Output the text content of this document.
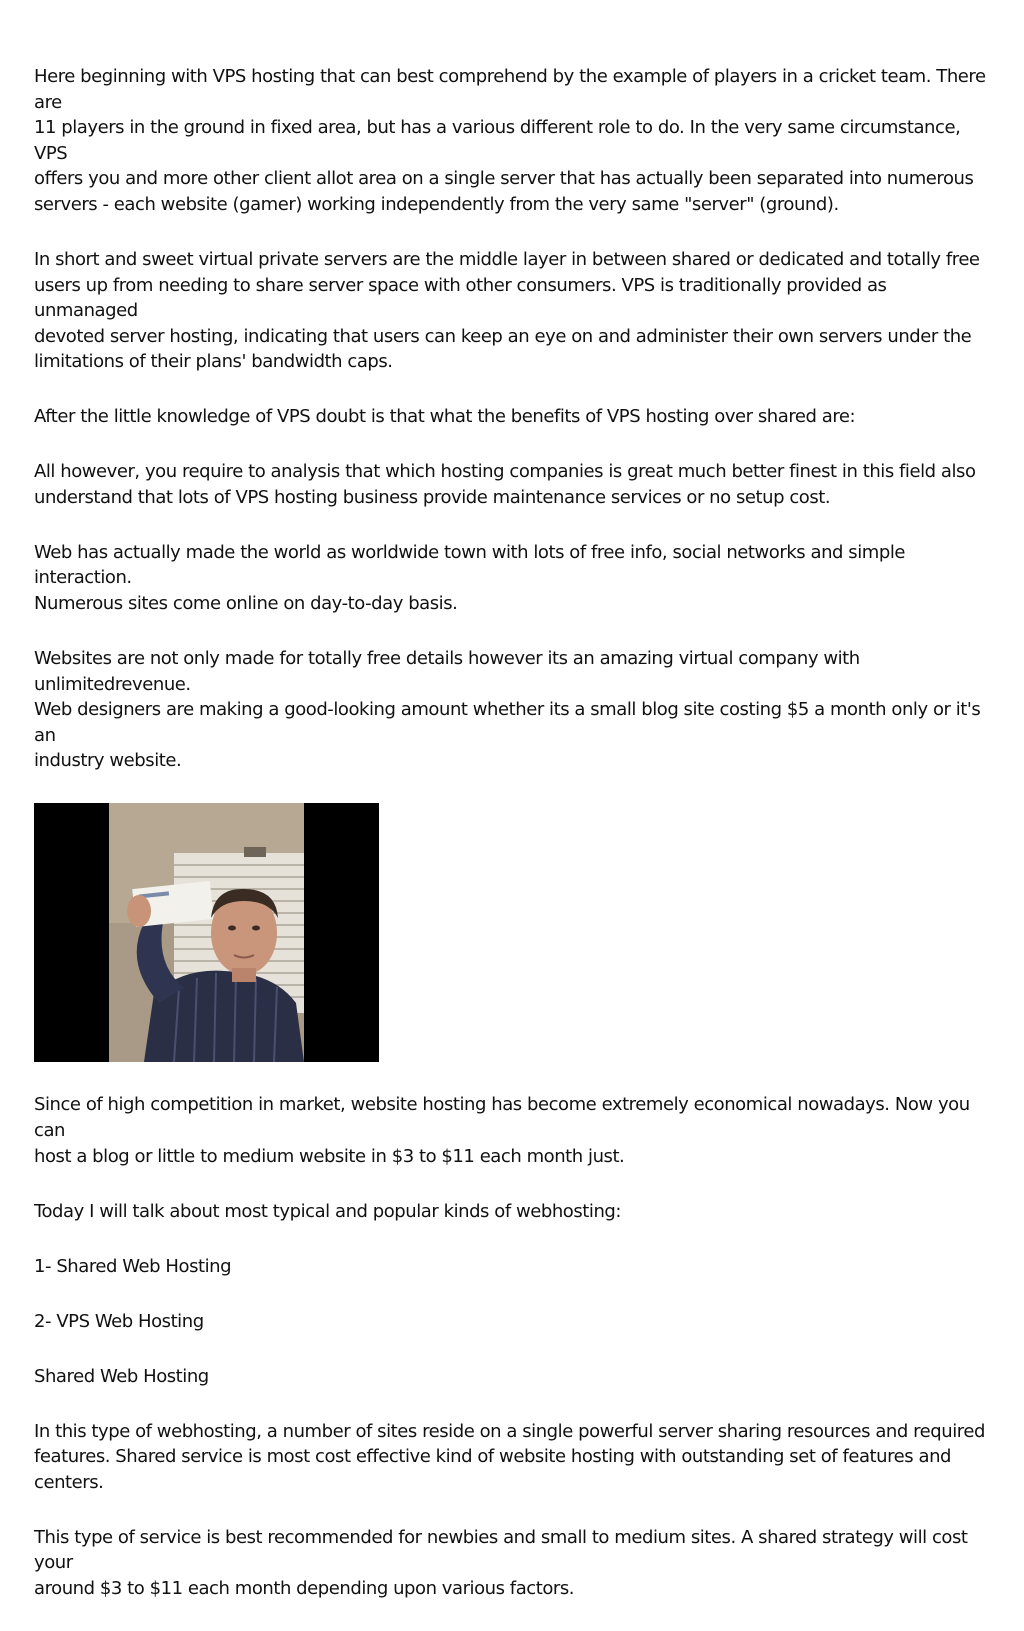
Here beginning with VPS hosting that can best comprehend by the example of players in a cricket team. There are
11 players in the ground in fixed area, but has a various different role to do. In the very same circumstance, VPS
offers you and more other client allot area on a single server that has actually been separated into numerous
servers - each website (gamer) working independently from the very same "server" (ground).

In short and sweet virtual private servers are the middle layer in between shared or dedicated and totally free
users up from needing to share server space with other consumers. VPS is traditionally provided as unmanaged
devoted server hosting, indicating that users can keep an eye on and administer their own servers under the
limitations of their plans' bandwidth caps.

After the little knowledge of VPS doubt is that what the benefits of VPS hosting over shared are:

All however, you require to analysis that which hosting companies is great much better finest in this field also
understand that lots of VPS hosting business provide maintenance services or no setup cost.

Web has actually made the world as worldwide town with lots of free info, social networks and simple interaction.
Numerous sites come online on day-to-day basis.

Websites are not only made for totally free details however its an amazing virtual company with unlimitedrevenue.
Web designers are making a good-looking amount whether its a small blog site costing $5 a month only or it's an
industry website.

Since of high competition in market, website hosting has become extremely economical nowadays. Now you can
host a blog or little to medium website in $3 to $11 each month just.

Today I will talk about most typical and popular kinds of webhosting:

1- Shared Web Hosting

2- VPS Web Hosting

Shared Web Hosting

In this type of webhosting, a number of sites reside on a single powerful server sharing resources and required
features. Shared service is most cost effective kind of website hosting with outstanding set of features and centers.

This type of service is best recommended for newbies and small to medium sites. A shared strategy will cost your
around $3 to $11 each month depending upon various factors.
